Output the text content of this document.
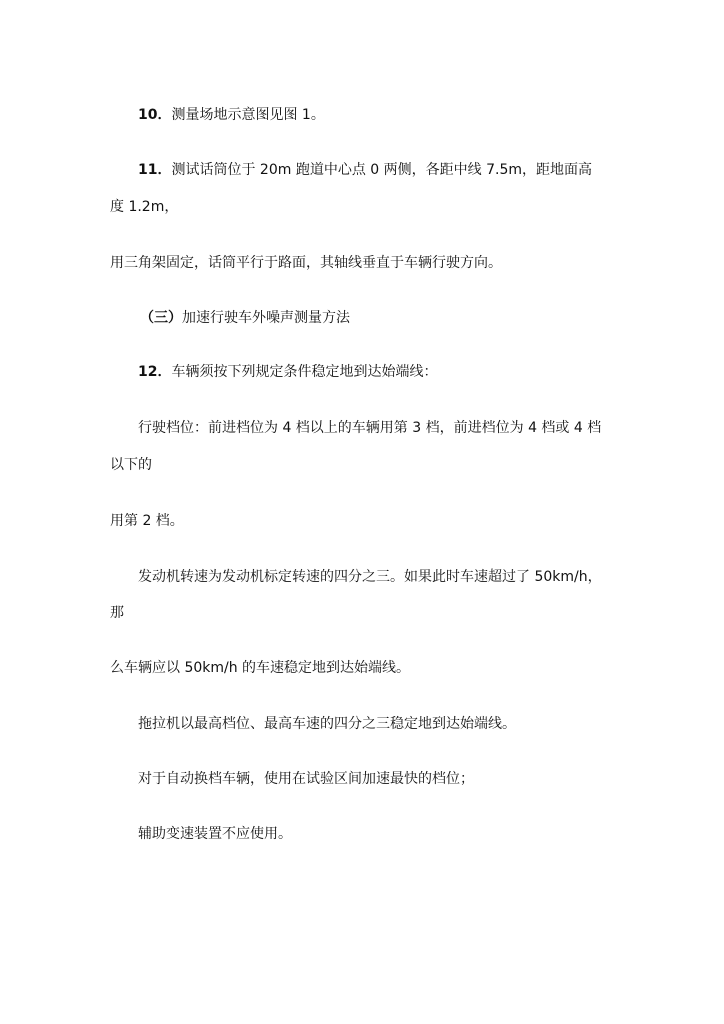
10．测量场地示意图见图 1。
11．测试话筒位于 20m 跑道中心点 0 两侧，各距中线 7.5m，距地面高
度 1.2m，
用三角架固定，话筒平行于路面，其轴线垂直于车辆行驶方向。
（三）加速行驶车外噪声测量方法
12．车辆须按下列规定条件稳定地到达始端线：
行驶档位：前进档位为 4 档以上的车辆用第 3 档，前进档位为 4 档或 4 档
以下的
用第 2 档。
发动机转速为发动机标定转速的四分之三。如果此时车速超过了 50km/h，
那
么车辆应以 50km/h 的车速稳定地到达始端线。
拖拉机以最高档位、最高车速的四分之三稳定地到达始端线。
对于自动换档车辆，使用在试验区间加速最快的档位；
辅助变速装置不应使用。
